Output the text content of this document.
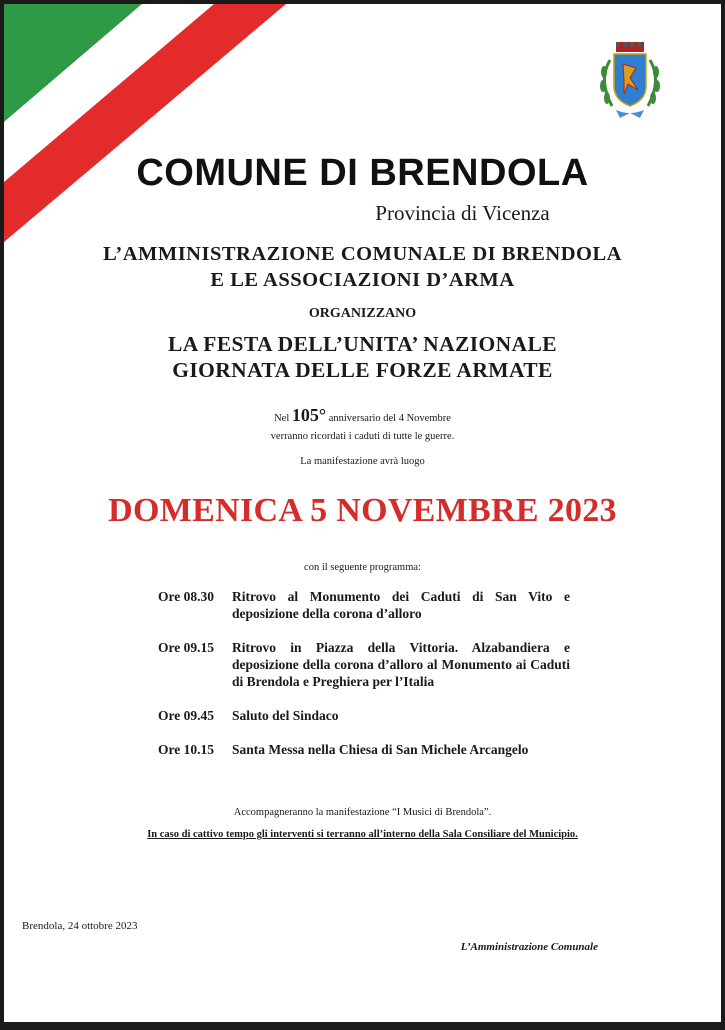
COMUNE DI BRENDOLA
Provincia di Vicenza
L’AMMINISTRAZIONE COMUNALE DI BRENDOLA
E LE ASSOCIAZIONI D’ARMA
ORGANIZZANO
LA FESTA DELL’UNITA’ NAZIONALE
GIORNATA DELLE FORZE ARMATE
Nel 105° anniversario del 4 Novembre
verranno ricordati i caduti di tutte le guerre.
La manifestazione avrà luogo
DOMENICA 5 NOVEMBRE 2023
con il seguente programma:
Ore 08.30	Ritrovo al Monumento dei Caduti di San Vito e deposizione della corona d’alloro
Ore 09.15	Ritrovo in Piazza della Vittoria. Alzabandiera e deposizione della corona d’alloro al Monumento ai Caduti di Brendola e Preghiera per l’Italia
Ore 09.45	Saluto del Sindaco
Ore 10.15	Santa Messa nella Chiesa di San Michele Arcangelo
Accompagneranno la manifestazione “I Musici di Brendola”.
In caso di cattivo tempo gli interventi si terranno all’interno della Sala Consiliare del Municipio.
Brendola, 24 ottobre 2023
L’Amministrazione Comunale
